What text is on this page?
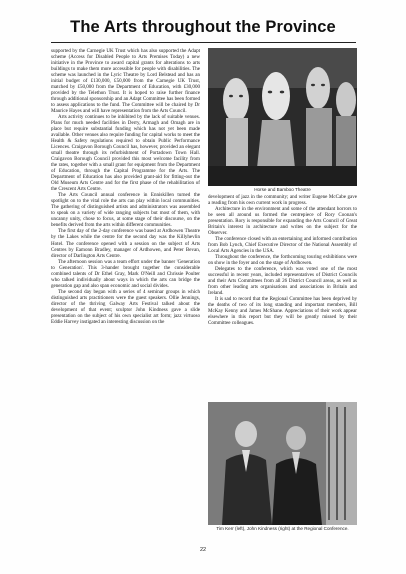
The Arts throughout the Province

supported by the Carnegie UK Trust which has also supported the Adapt scheme (Access for Disabled People to Arts Premises Today) a new initiative in the Province to award capital grants for alterations to arts buildings to make them more accessible for people with disabilities. The scheme was launched in the Lyric Theatre by Lord Belstead and has an initial budget of £130,000, £50,000 from the Carnegie UK Trust, matched by £50,000 from the Department of Education, with £30,000 provided by the Telethon Trust. It is hoped to raise further finance through additional sponsorship and an Adapt Committee has been formed to assess applications to the fund. The Committee will be chaired by Dr Maurice Hayes and will have representation from the Arts Council.

Arts activity continues to be inhibited by the lack of suitable venues. Plans for much needed facilities in Derry, Armagh and Omagh are in place but require substantial funding which has not yet been made available. Other venues also require funding for capital works to meet the Health & Safety regulations required to obtain Public Performance Licences. Craigavon Borough Council has, however, provided an elegant small theatre through its refurbishment of Portadown Town Hall. Craigavon Borough Council provided this most welcome facility from the rates, together with a small grant for equipment from the Department of Education, through the Capital Programme for the Arts. The Department of Education has also provided grant-aid for fitting-out the Old Museum Arts Centre and for the first phase of the rehabilitation of the Crescent Arts Centre.

The Arts Council annual conference in Enniskillen turned the spotlight on to the vital role the arts can play within local communities. The gathering of distinguished artists and administrators was assembled to speak on a variety of wide ranging subjects but most of them, with uncanny unity, chose to focus, at some stage of their discourse, on the benefits derived from the arts within different communities.

The first day of the 2-day conference was based at Ardhowen Theatre by the Lakes while the centre for the second day was the Killyhevlin Hotel. The conference opened with a session on the subject of Arts Centres by Eamonn Bradley, manager of Ardhowen, and Peter Bevan, director of Darlington Arts Centre.

The afternoon session was a team effort under the banner 'Generation to Generation'. This 3-hander brought together the considerable combined talents of Dr Ethel Gray, Mark O'Neill and Chrissie Poulter who talked individually about ways in which the arts can bridge the generation gap and also span economic and social divides.

The second day began with a series of 4 seminar groups in which distinguished arts practitioners were the guest speakers. Ollie Jennings, director of the thriving Galway Arts Festival talked about the development of that event; sculptor John Kindness gave a slide presentation on the subject of his own specialist art form; jazz virtuoso Eddie Harvey instigated an interesting discussion on the

Horse and Bamboo Theatre

development of jazz in the community; and writer Eugene McCabe gave a reading from his own current work in progress.

Architecture in the environment and some of the attendant horrors to be seen all around us formed the centrepiece of Rory Coonan's presentation. Rory is responsible for expanding the Arts Council of Great Britain's interest in architecture and writes on the subject for the Observer.

The conference closed with an entertaining and informed contribution from Bob Lynch, Chief Executive Director of the National Assembly of Local Arts Agencies in the USA.

Throughout the conference, the forthcoming touring exhibitions were on show in the foyer and on the stage of Ardhowen.

Delegates to the conference, which was voted one of the most successful in recent years, included representatives of District Councils and their Arts Committees from all 26 District Council areas, as well as from other leading arts organisations and associations in Britain and Ireland.

It is sad to record that the Regional Committee has been deprived by the deaths of two of its long standing and important members, Bill McKay Kenny and James McShane. Appreciations of their work appear elsewhere in this report but they will be greatly missed by their Committee colleagues.

Tim Kerr (left), John Kindness (right) at the Regional Conference.
22
